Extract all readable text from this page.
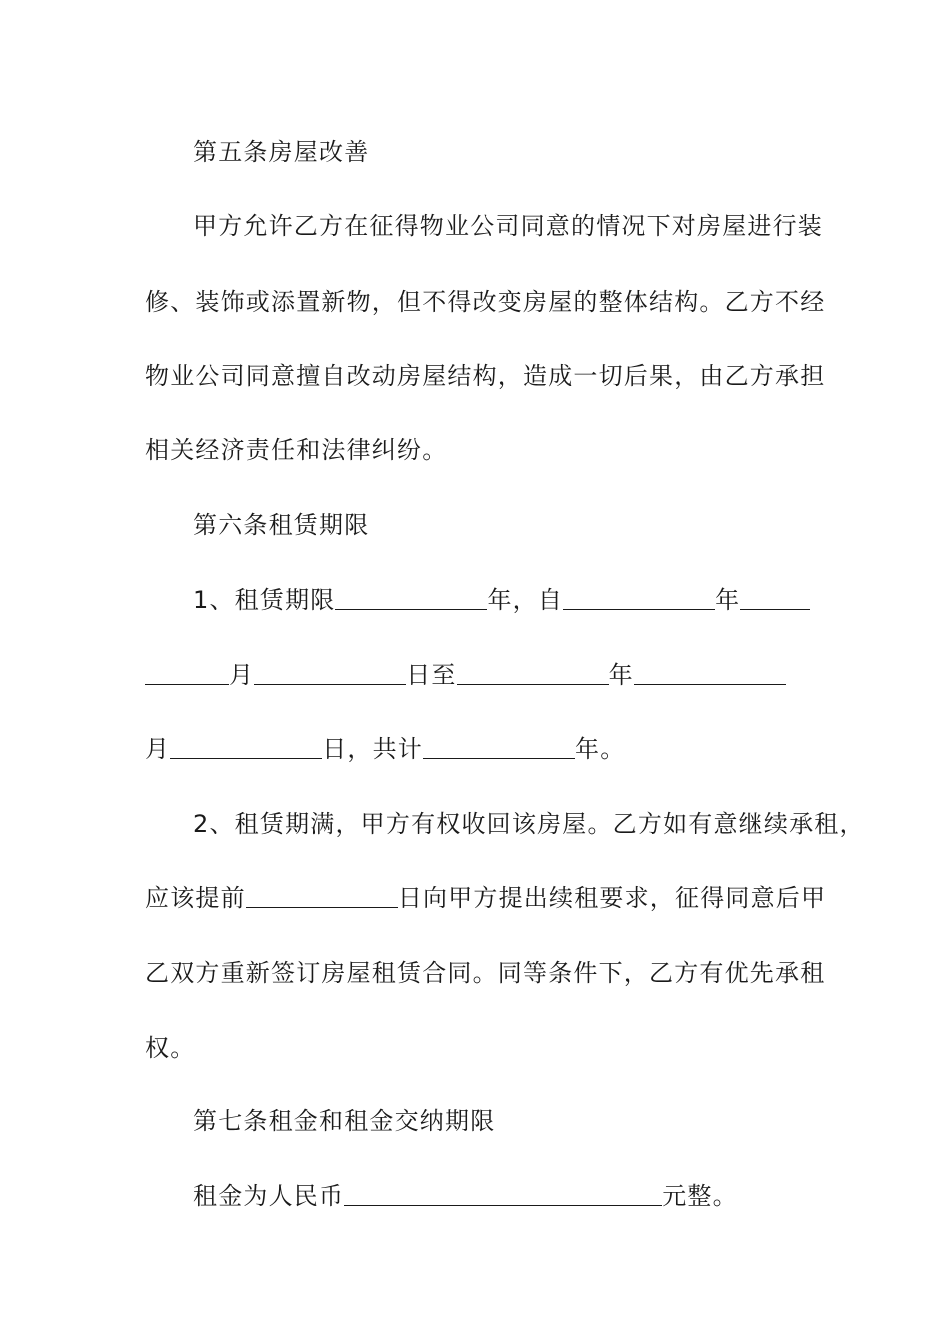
第五条房屋改善
甲方允许乙方在征得物业公司同意的情况下对房屋进行装
修、装饰或添置新物，但不得改变房屋的整体结构。乙方不经
物业公司同意擅自改动房屋结构，造成一切后果，由乙方承担
相关经济责任和法律纠纷。
第六条租赁期限
1、租赁期限	年，自	年
月	日至	年
月	日，共计	年。
2、租赁期满，甲方有权收回该房屋。乙方如有意继续承租，
应该提前	日向甲方提出续租要求，征得同意后甲
乙双方重新签订房屋租赁合同。同等条件下，乙方有优先承租
权。
第七条租金和租金交纳期限
租金为人民币	元整。
